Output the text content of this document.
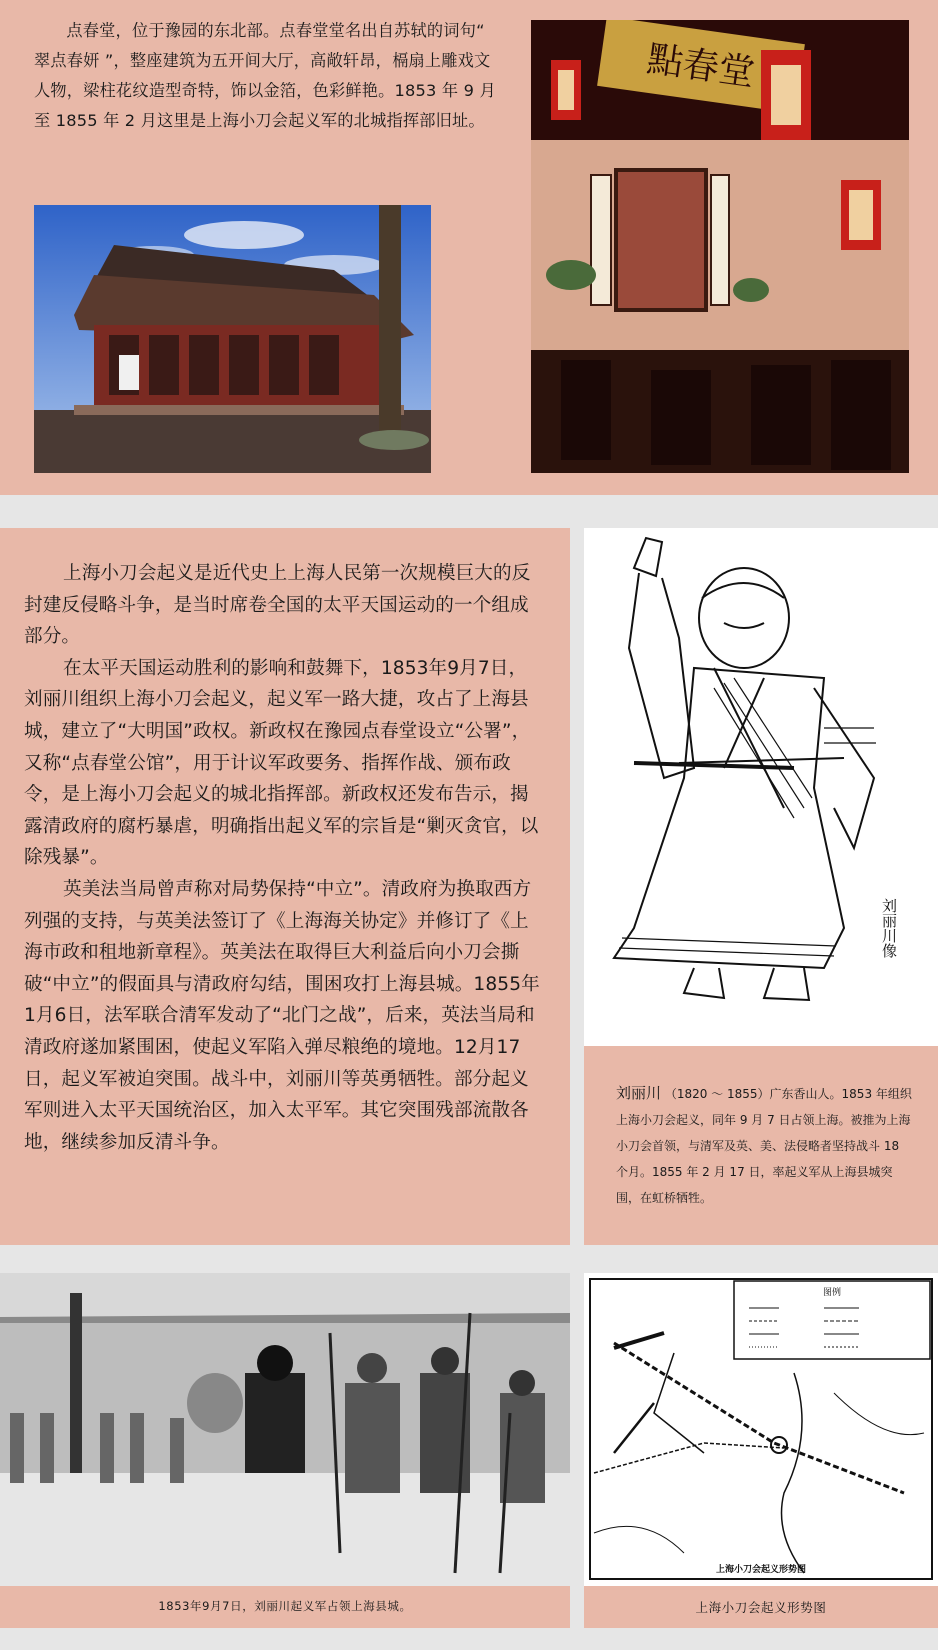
点春堂，位于豫园的东北部。点春堂堂名出自苏轼的词句“ 翠点春妍 ”，整座建筑为五开间大厅，高敞轩昂，槅扇上雕戏文人物，梁柱花纹造型奇特，饰以金箔，色彩鲜艳。1853 年 9 月至 1855 年 2 月这里是上海小刀会起义军的北城指挥部旧址。

點春堂

上海小刀会起义是近代史上上海人民第一次规模巨大的反封建反侵略斗争，是当时席卷全国的太平天国运动的一个组成部分。

在太平天国运动胜利的影响和鼓舞下，1853年9月7日，刘丽川组织上海小刀会起义，起义军一路大捷，攻占了上海县城，建立了“大明国”政权。新政权在豫园点春堂设立“公署”，又称“点春堂公馆”，用于计议军政要务、指挥作战、颁布政令，是上海小刀会起义的城北指挥部。新政权还发布告示，揭露清政府的腐朽暴虐，明确指出起义军的宗旨是“剿灭贪官，以除残暴”。

英美法当局曾声称对局势保持“中立”。清政府为换取西方列强的支持，与英美法签订了《上海海关协定》并修订了《上海市政和租地新章程》。英美法在取得巨大利益后向小刀会撕破“中立”的假面具与清政府勾结，围困攻打上海县城。1855年1月6日，法军联合清军发动了“北门之战”，后来，英法当局和清政府遂加紧围困，使起义军陷入弹尽粮绝的境地。12月17日，起义军被迫突围。战斗中，刘丽川等英勇牺牲。部分起义军则进入太平天国统治区，加入太平军。其它突围残部流散各地，继续参加反清斗争。

刘丽川像

刘丽川 （1820 ～ 1855）广东香山人。1853 年组织上海小刀会起义，同年 9 月 7 日占领上海。被推为上海小刀会首领，与清军及英、美、法侵略者坚持战斗 18 个月。1855 年 2 月 17 日，率起义军从上海县城突围，在虹桥牺牲。

1853年9月7日，刘丽川起义军占领上海县城。

图例
上海小刀会起义形势图

上海小刀会起义形势图
